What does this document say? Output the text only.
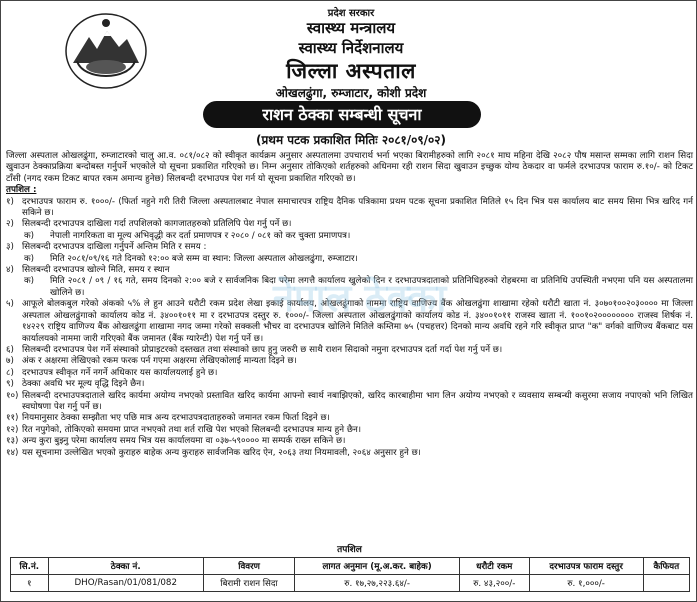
प्रदेश सरकार
स्वास्थ्य मन्त्रालय
स्वास्थ्य निर्देशनालय
जिल्ला अस्पताल
ओखलढुंगा, रुम्जाटार, कोशी प्रदेश
राशन ठेक्का सम्बन्धी सूचना
(प्रथम पटक प्रकाशित मितिः २०८१/०९/०२)

जिल्ला अस्पताल ओखलढुंगा, रुम्जाटारको चालु आ.व. ०८१/०८२ को स्वीकृत कार्यक्रम अनुसार अस्पतालमा उपचारार्थ भर्ना भएका बिरामीहरुको लागि २०८१ माघ महिना देखि २०८२ पौष मसान्त सम्मका लागि राशन सिदा खुवाउन ठेक्काप्रक्रिया बन्दोबस्त गर्नुपर्ने भएकोले यो सूचना प्रकाशित गरिएको छ। निम्न अनुसार तोकिएको शर्तहरुको अधिनमा रही राशन सिदा खुवाउन इच्छुक योग्य ठेकदार वा फर्मले दरभाउपत्र फाराम रु.१०/- को टिकट टाँसी (नगद रकम टिकट बापत रकम अमान्य हुनेछ) सिलबन्दी दरभाउपत्र पेश गर्न यो सूचना प्रकाशित गरिएको छ।

तपशिल :
१) दरभाउपत्र फाराम रु. १०००/- (फिर्ता नहुने गरी तिरी जिल्ला अस्पतालबाट नेपाल समाचारपत्र राष्ट्रिय दैनिक पत्रिकामा प्रथम पटक सूचना प्रकाशित मितिले १५ दिन भित्र यस कार्यालय बाट समय सिमा भित्र खरिद गर्न सकिने छ।
२) सिलबन्दी दरभाउपत्र दाखिला गर्दा तपशिलको कागजातहरुको प्रतिलिपि पेश गर्नु पर्ने छ।
क)	नेपाली नागरिकता वा मूल्य अभिवृद्धी कर दर्ता प्रमाणपत्र र २०८० / ०८१ को कर चुक्ता प्रमाणपत्र।
३) सिलबन्दी दरभाउपत्र दाखिला गर्नुपर्ने अन्तिम मिति र समय :
क)	मिति २०८१/०९/१६ गते दिनको १२:०० बजे सम्म वा स्थान: जिल्ला अस्पताल ओखलढुंगा, रुम्जाटार।
४) सिलबन्दी दरभाउपत्र खोल्ने मिति, समय र स्थान
क)	मिति २०८१ / ०९ / १६ गते, समय दिनको २:०० बजे र सार्वजनिक बिदा परेमा लगत्तै कार्यालय खुलेको दिन र दरभाउपत्रदाताको प्रतिनिधिहरुको रोहबरमा वा प्रतिनिधि उपस्थिती नभएमा पनि यस अस्पतालमा खोलिने छ।
५) आफूले बोलकबुल गरेको अंकको ५% ले हुन आउने धरौटी रकम प्रदेश लेखा इकाई कार्यालय, ओखलढुंगाको नाममा राष्ट्रिय वाणिज्य बैंक ओखलढुंगा शाखामा रहेको धरौटी खाता नं. ३०७०१००२०३०००० मा जिल्ला अस्पताल ओखलढुंगाको कार्यालय कोड नं. ३४००१०११ मा र दरभाउपत्र दस्तुर रु. १०००/- जिल्ला अस्पताल ओखलढुंगाको कार्यालय कोड नं. ३४००१०११ राजस्व खाता नं. १००१०२०००००००० राजस्व शिर्षक नं. १४२२९ राष्ट्रिय वाणिज्य बैंक ओखलढुंगा शाखामा नगद जम्मा गरेको सक्कली भौचर वा दरभाउपत्र खोलिने मितिले कम्तिमा ७५ (पचहत्तर) दिनको मान्य अवधि रहने गरि स्वीकृत प्राप्त "क" वर्गको वाणिज्य बैंकबाट यस कार्यालयको नाममा जारी गरिएको बैंक जमानत (बैंक ग्यारेन्टी) पेश गर्नु पर्ने छ।
६) सिलबन्दी दरभाउपत्र पेश गर्ने संस्थाको प्रोप्राइटरको दस्तखत तथा संस्थाको छाप हुनु जरुरी छ साथै राशन सिदाको नमुना दरभाउपत्र दर्ता गर्दा पेश गर्नु पर्ने छ।
७) अंक र अक्षरमा लेखिएको रकम फरक पर्न गएमा अक्षरमा लेखिएकोलाई मान्यता दिइने छ।
८) दरभाउपत्र स्वीकृत गर्ने नगर्ने अधिकार यस कार्यालयलाई हुने छ।
९) ठेक्का अवधि भर मूल्य वृद्धि दिइने छैन।
१०) सिलबन्दी दरभाउपत्रदाताले खरिद कार्यमा अयोग्य नभएको प्रस्तावित खरिद कार्यमा आफ्नो स्वार्थ नबाझिएको, खरिद कारबाहीमा भाग लिन अयोग्य नभएको र व्यवसाय सम्बन्धी कसुरमा सजाय नपाएको भनि लिखित स्वघोषणा पेश गर्नु पर्ने छ।
११) नियमानुसार ठेक्का सम्झौता भए पछि मात्र अन्य दरभाउपत्रदाताहरुको जमानत रकम फिर्ता दिइने छ।
१२) रित नपुगेको, तोकिएको समयमा प्राप्त नभएको तथा शर्त राखि पेश भएको सिलबन्दी दरभाउपत्र मान्य हुने छैन।
१३) अन्य कुरा बुझ्नु परेमा कार्यालय समय भित्र यस कार्यालयमा वा ०३७-५९०००० मा सम्पर्क राख्न सकिने छ।
१४) यस सूचनामा उल्लेखित भएको कुराहरु बाहेक अन्य कुराहरु सार्वजनिक खरिद ऐन, २०६३ तथा नियमावली, २०६४ अनुसार हुने छ।
नेपाल ठेक्का
तपशिल
सि.नं.	ठेक्का नं.	विवरण	लागत अनुमान (मू.अ.कर. बाहेक)	धरौटी रकम	दरभाउपत्र फाराम दस्तुर	कैफियत
१	DHO/Rasan/01/081/082	बिरामी राशन सिदा	रु. १७,२७,२२३.६४/-	रु. ४३,२००/-	रु. १,०००/-	
